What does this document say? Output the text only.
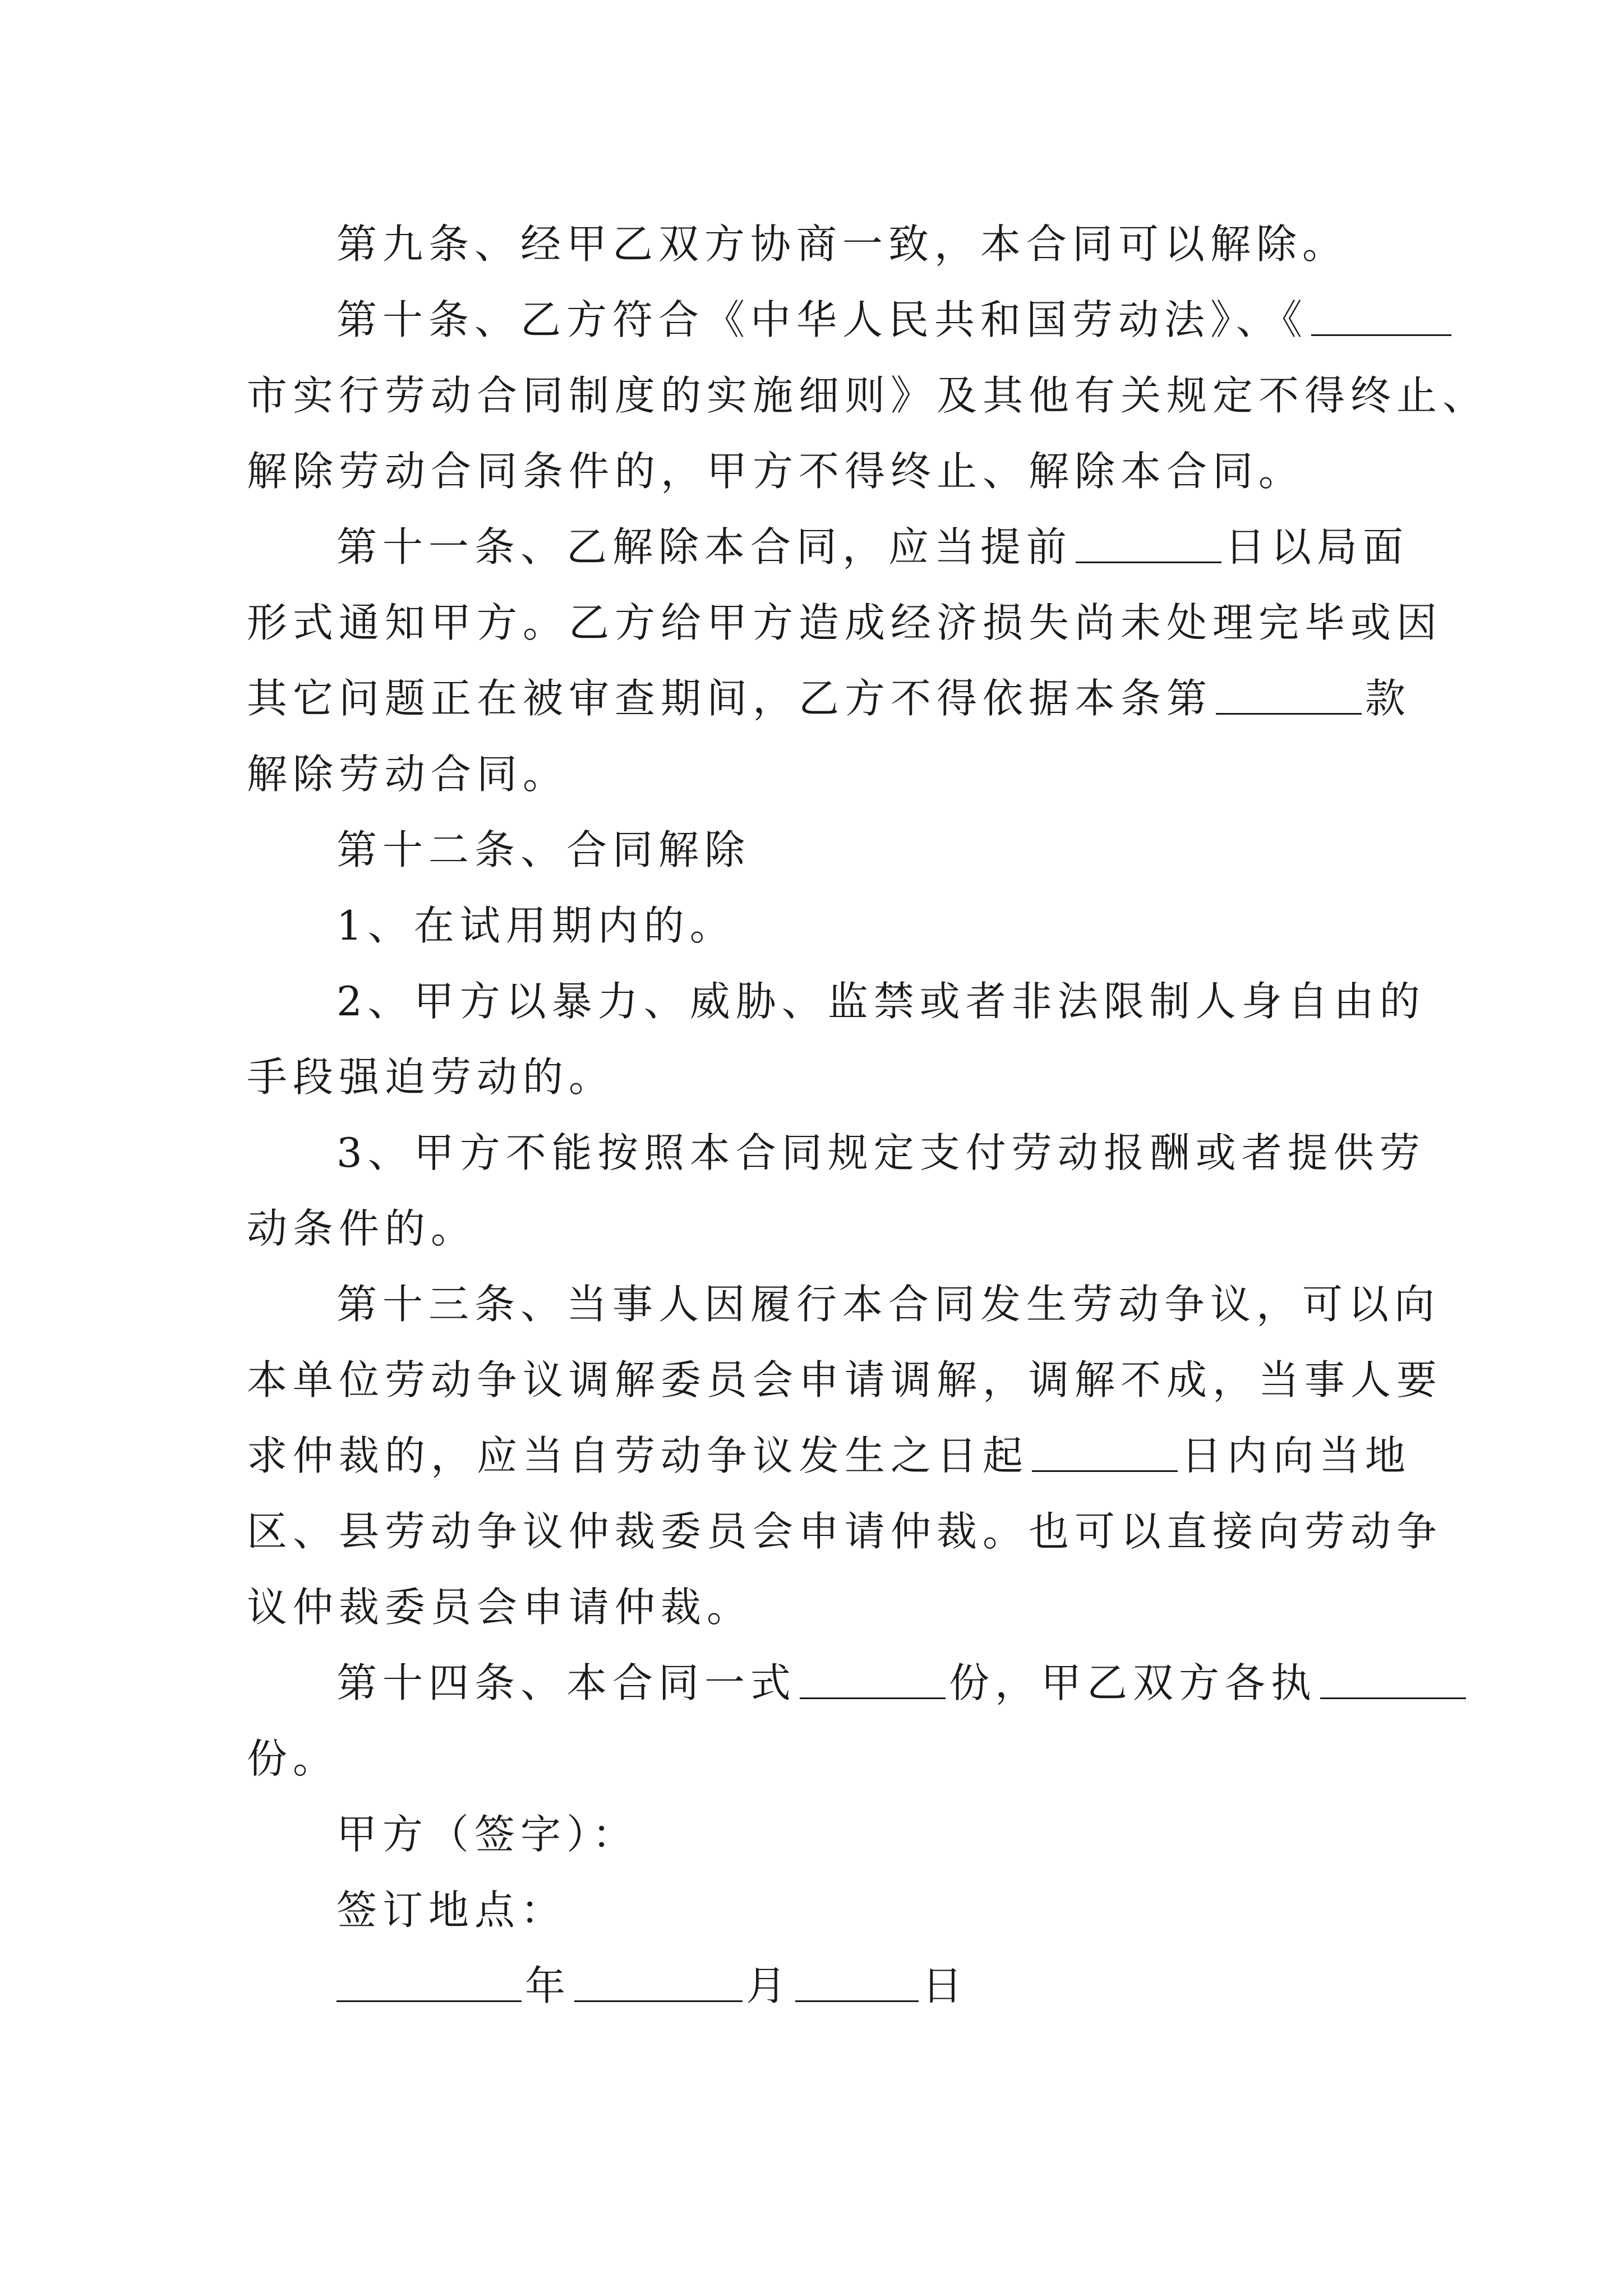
第九条、经甲乙双方协商一致，本合同可以解除。
第十条、乙方符合《中华人民共和国劳动法》、《
市实行劳动合同制度的实施细则》及其他有关规定不得终止、
解除劳动合同条件的，甲方不得终止、解除本合同。
第十一条、乙解除本合同，应当提前	日以局面
形式通知甲方。乙方给甲方造成经济损失尚未处理完毕或因
其它问题正在被审查期间，乙方不得依据本条第	款
解除劳动合同。
第十二条、合同解除
1、在试用期内的。
2、甲方以暴力、威胁、监禁或者非法限制人身自由的
手段强迫劳动的。
3、甲方不能按照本合同规定支付劳动报酬或者提供劳
动条件的。
第十三条、当事人因履行本合同发生劳动争议，可以向
本单位劳动争议调解委员会申请调解，调解不成，当事人要
求仲裁的，应当自劳动争议发生之日起	日内向当地
区、县劳动争议仲裁委员会申请仲裁。也可以直接向劳动争
议仲裁委员会申请仲裁。
第十四条、本合同一式	份，甲乙双方各执
份。
甲方（签字）：
签订地点：
年	月	日
